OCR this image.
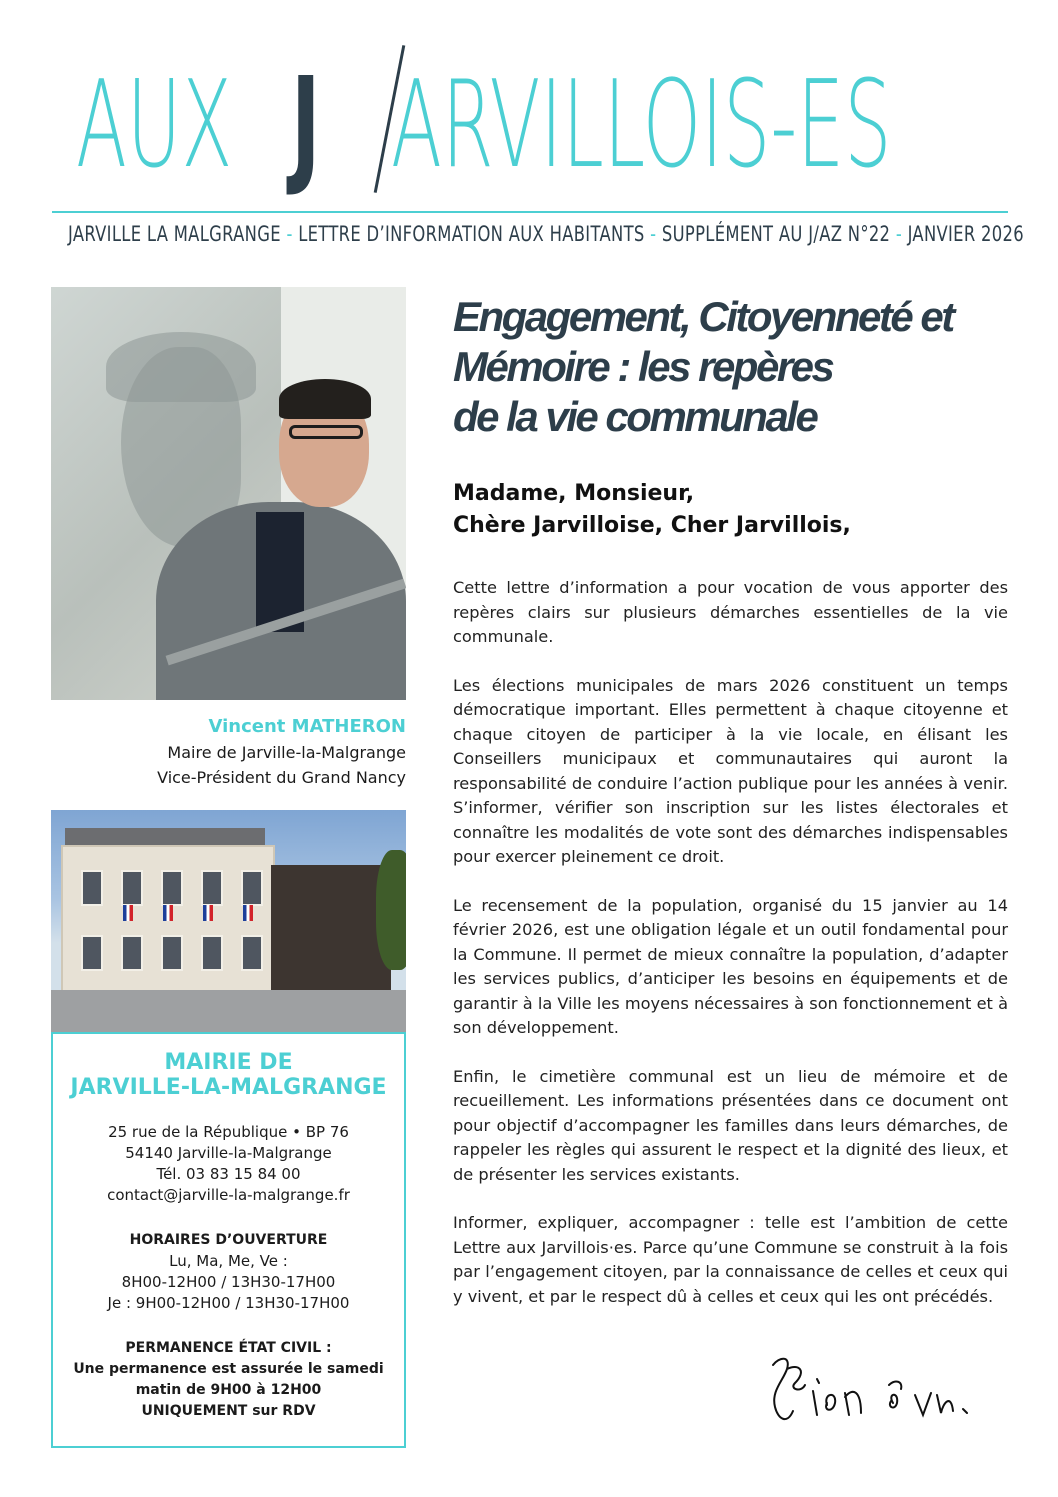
AUX J ARVILLOIS-ES
JARVILLE LA MALGRANGE - LETTRE D’INFORMATION AUX HABITANTS - SUPPLÉMENT AU J/AZ N°22 - JANVIER 2026
Vincent MATHERON
Maire de Jarville-la-Malgrange
Vice-Président du Grand Nancy
MAIRIE DE
JARVILLE-LA-MALGRANGE
25 rue de la République • BP 76
54140 Jarville-la-Malgrange
Tél. 03 83 15 84 00
contact@jarville-la-malgrange.fr
HORAIRES D’OUVERTURE
Lu, Ma, Me, Ve :
8H00-12H00 / 13H30-17H00
Je : 9H00-12H00 / 13H30-17H00
PERMANENCE ÉTAT CIVIL :
Une permanence est assurée le samedi
matin de 9H00 à 12H00
UNIQUEMENT sur RDV
Engagement, Citoyenneté et
Mémoire : les repères
de la vie communale
Madame, Monsieur,
Chère Jarvilloise, Cher Jarvillois,

Cette lettre d’information a pour vocation de vous apporter des repères clairs sur plusieurs démarches essentielles de la vie communale.

Les élections municipales de mars 2026 constituent un temps démocratique important. Elles permettent à chaque citoyenne et chaque citoyen de participer à la vie locale, en élisant les Conseillers municipaux et communautaires qui auront la responsabilité de conduire l’action publique pour les années à venir. S’informer, vérifier son inscription sur les listes électorales et connaître les modalités de vote sont des démarches indispensables pour exercer pleinement ce droit.

Le recensement de la population, organisé du 15 janvier au 14 février 2026, est une obligation légale et un outil fondamental pour la Commune. Il permet de mieux connaître la population, d’adapter les services publics, d’anticiper les besoins en équipements et de garantir à la Ville les moyens nécessaires à son fonctionnement et à son développement.

Enfin, le cimetière communal est un lieu de mémoire et de recueillement. Les informations présentées dans ce document ont pour objectif d’accompagner les familles dans leurs démarches, de rappeler les règles qui assurent le respect et la dignité des lieux, et de présenter les services existants.

Informer, expliquer, accompagner : telle est l’ambition de cette Lettre aux Jarvillois·es. Parce qu’une Commune se construit à la fois par l’engagement citoyen, par la connaissance de celles et ceux qui y vivent, et par le respect dû à celles et ceux qui les ont précédés.
